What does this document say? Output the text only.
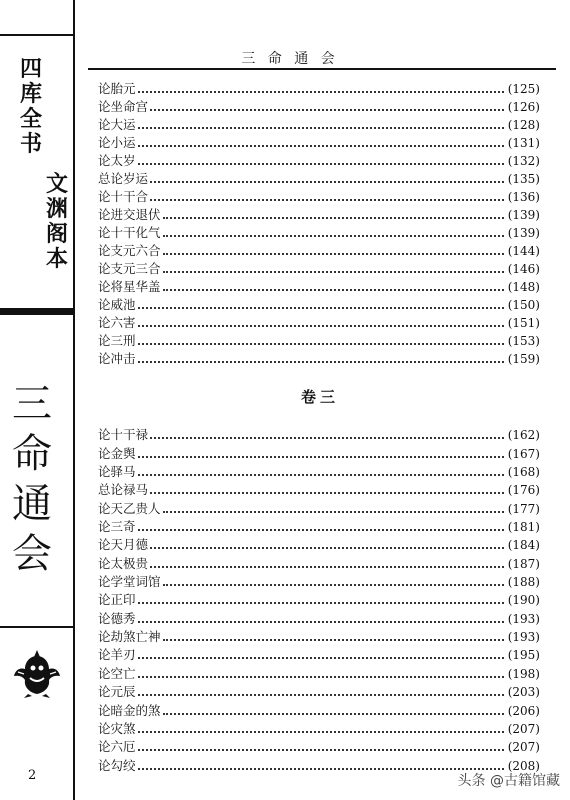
四
库
全
书
文
渊
阁
本
三
命
通
会
2
三 命 通 会
论胎元	(125)
论坐命宫	(126)
论大运	(128)
论小运	(131)
论太岁	(132)
总论岁运	(135)
论十干合	(136)
论进交退伏	(139)
论十干化气	(139)
论支元六合	(144)
论支元三合	(146)
论将星华盖	(148)
论威池	(150)
论六害	(151)
论三刑	(153)
论冲击	(159)
卷三
论十干禄	(162)
论金舆	(167)
论驿马	(168)
总论禄马	(176)
论天乙贵人	(177)
论三奇	(181)
论天月德	(184)
论太极贵	(187)
论学堂词馆	(188)
论正印	(190)
论德秀	(193)
论劫煞亡神	(193)
论羊刃	(195)
论空亡	(198)
论元辰	(203)
论暗金的煞	(206)
论灾煞	(207)
论六厄	(207)
论勾绞	(208)
头条 @古籍馆藏
